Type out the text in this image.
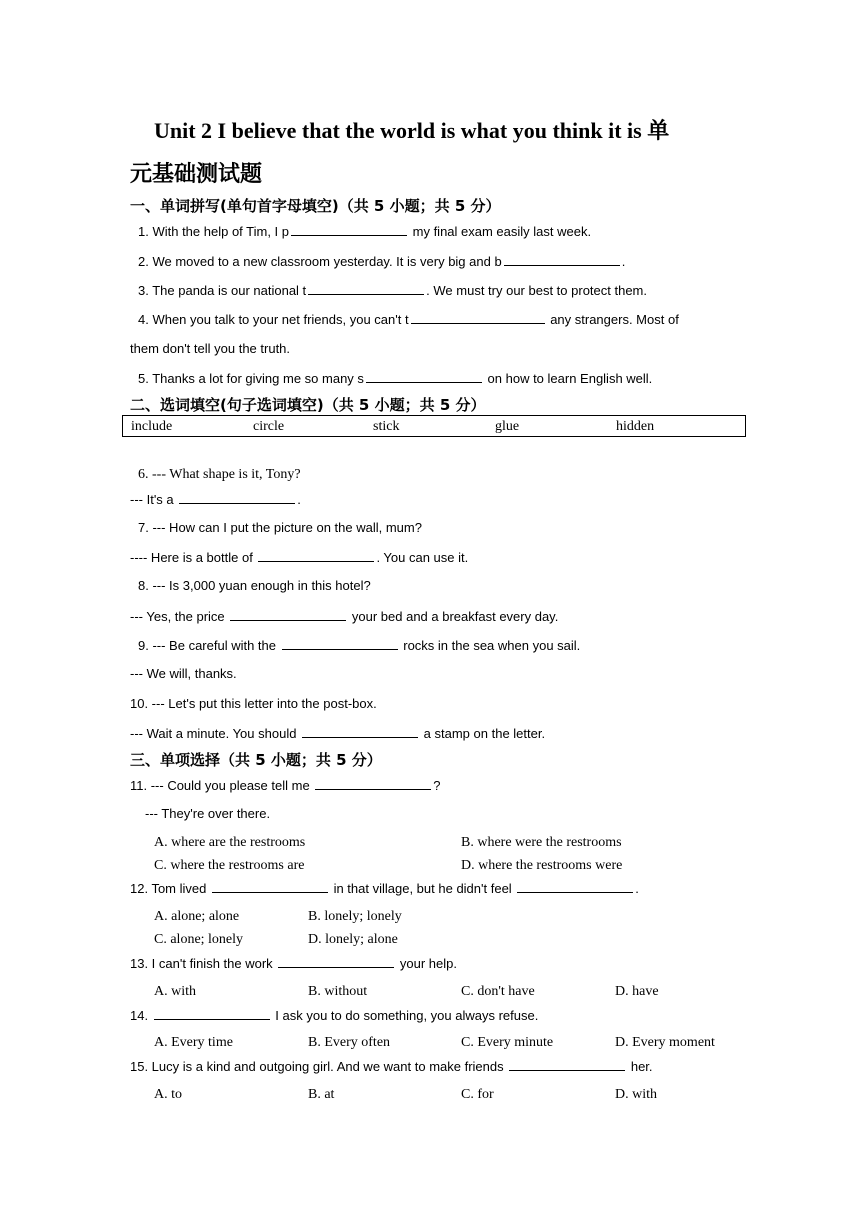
Unit 2 I believe that the world is what you think it is 单
元基础测试题
一、单词拼写(单句首字母填空)（共 5 小题；共 5 分）
1. With the help of Tim, I p	my final exam easily last week.
2. We moved to a new classroom yesterday. It is very big and b	.
3. The panda is our national t	. We must try our best to protect them.
4. When you talk to your net friends, you can't t	any strangers. Most of
them don't tell you the truth.
5. Thanks a lot for giving me so many s	on how to learn English well.
二、选词填空(句子选词填空)（共 5 小题；共 5 分）
include	circle	stick	glue	hidden
6. --- What shape is it, Tony?
--- It's a	.
7. --- How can I put the picture on the wall, mum?
---- Here is a bottle of	. You can use it.
8. --- Is 3,000 yuan enough in this hotel?
--- Yes, the price	your bed and a breakfast every day.
9. --- Be careful with the	rocks in the sea when you sail.
--- We will, thanks.
10. --- Let's put this letter into the post-box.
--- Wait a minute. You should	a stamp on the letter.
三、单项选择（共 5 小题；共 5 分）
11. --- Could you please tell me	?
--- They're over there.
A. where are the restrooms	B. where were the restrooms
C. where the restrooms are	D. where the restrooms were
12. Tom lived	in that village, but he didn't feel	.
A. alone; alone	B. lonely; lonely
C. alone; lonely	D. lonely; alone
13. I can't finish the work	your help.
A. with	B. without	C. don't have	D. have
14.	I ask you to do something, you always refuse.
A. Every time	B. Every often	C. Every minute	D. Every moment
15. Lucy is a kind and outgoing girl. And we want to make friends	her.
A. to	B. at	C. for	D. with
